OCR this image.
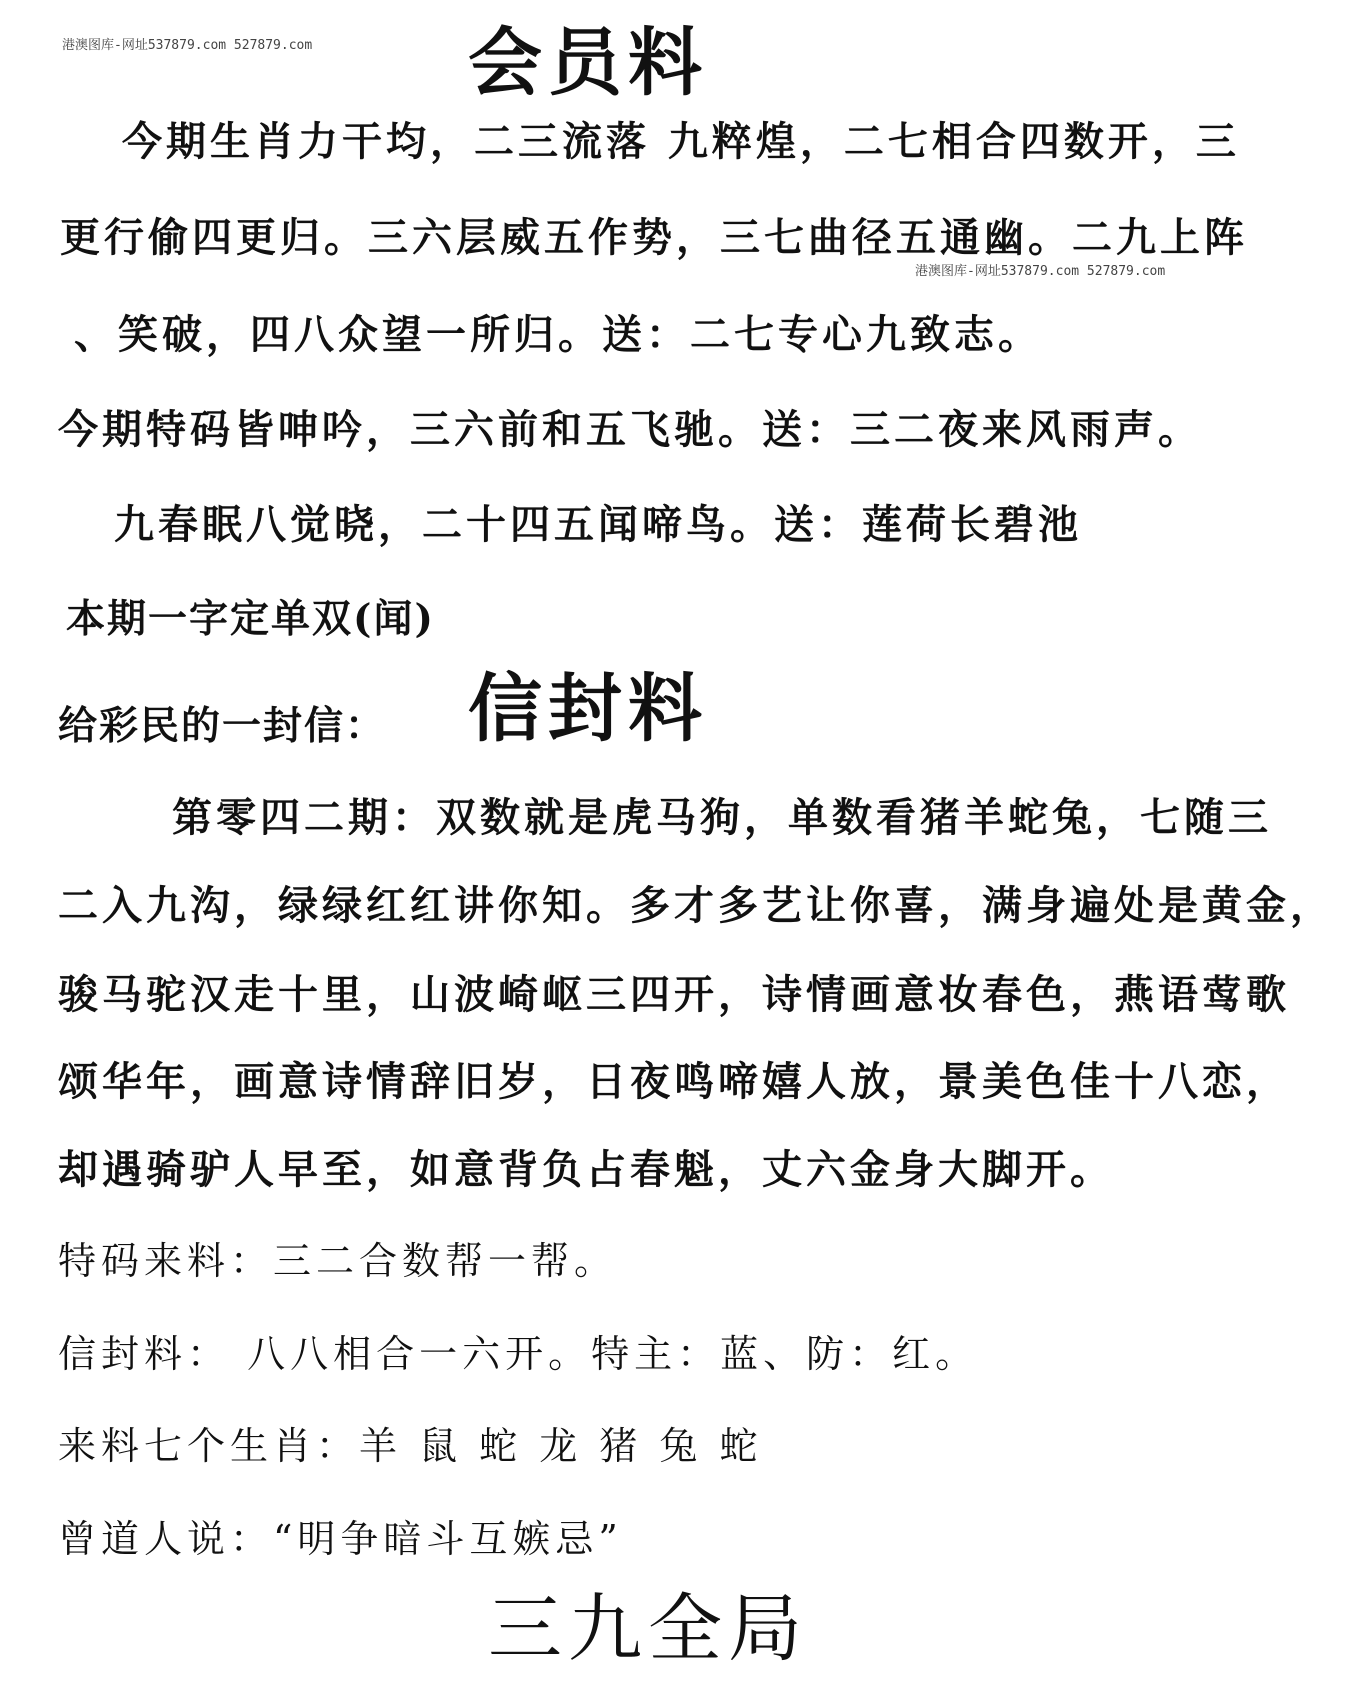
港澳图库-网址537879.com 527879.com
港澳图库-网址537879.com 527879.com
会员料
今期生肖力干均，二三流落 九粹煌，二七相合四数开，三
更行偷四更归。三六层威五作势，三七曲径五通幽。二九上阵
、笑破，四八众望一所归。送：二七专心九致志。
今期特码皆呻吟，三六前和五飞驰。送：三二夜来风雨声。
九春眠八觉晓，二十四五闻啼鸟。送：莲荷长碧池
本期一字定单双(闻)
给彩民的一封信： 信封料
第零四二期：双数就是虎马狗，单数看猪羊蛇兔，七随三
二入九沟，绿绿红红讲你知。多才多艺让你喜，满身遍处是黄金，
骏马驼汉走十里，山波崎岖三四开，诗情画意妆春色，燕语莺歌
颂华年，画意诗情辞旧岁，日夜鸣啼嬉人放，景美色佳十八恋，
却遇骑驴人早至，如意背负占春魁，丈六金身大脚开。
特码来料：三二合数帮一帮。
信封料： 八八相合一六开。特主：蓝、防：红。
来料七个生肖：羊 鼠 蛇 龙 猪 兔 蛇
曾道人说：“明争暗斗互嫉忌”
三九全局
